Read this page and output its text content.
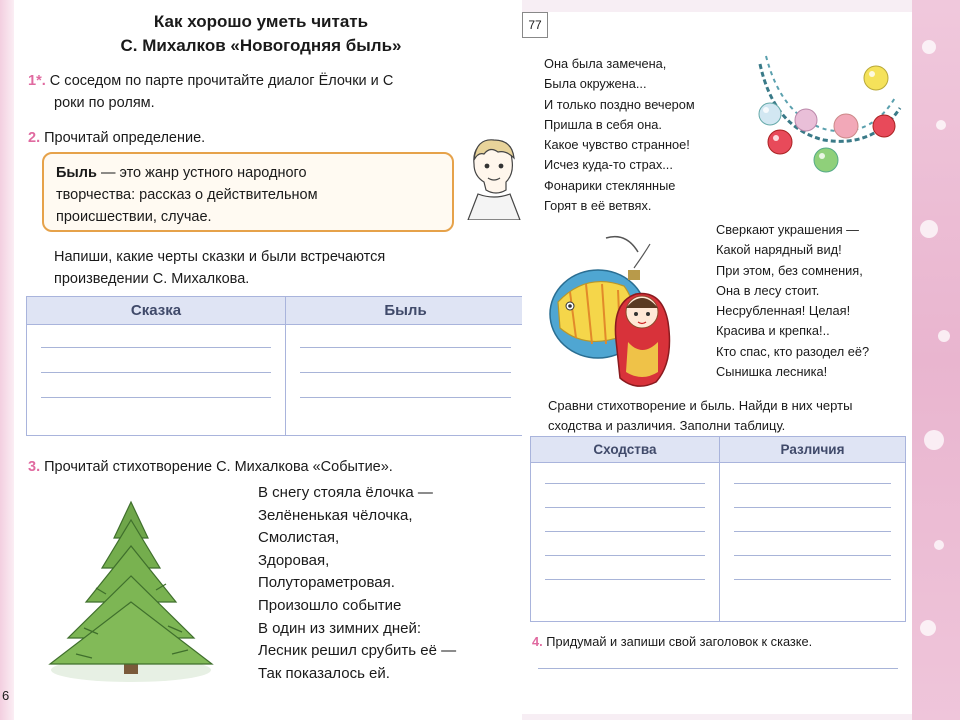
Как хорошо уметь читать
С. Михалков «Новогодняя быль»
1*. С соседом по парте прочитайте диалог Ёлочки и С
роки по ролям.
2. Прочитай определение.
Быль — это жанр устного народного
творчества: рассказ о действительном
происшествии, случае.
Напиши, какие черты сказки и были встречаются
произведении С. Михалкова.
Сказка	Быль

3. Прочитай стихотворение С. Михалкова «Событие».
В снегу стояла ёлочка —
Зелёненькая чёлочка,
Смолистая,
Здоровая,
Полутораметровая.
Произошло событие
В один из зимних дней:
Лесник решил срубить её —
Так показалось ей.
6
Она была замечена,
Была окружена...
И только поздно вечером
Пришла в себя она.
Какое чувство странное!
Исчез куда-то страх...
Фонарики стеклянные
Горят в её ветвях.
Сверкают украшения —
Какой нарядный вид!
При этом, без сомнения,
Она в лесу стоит.
Несрубленная! Целая!
Красива и крепка!..
Кто спас, кто разодел её?
Сынишка лесника!
Сравни стихотворение и быль. Найди в них черты
сходства и различия. Заполни таблицу.
Сходства	Различия

4. Придумай и запиши свой заголовок к сказке.
77
